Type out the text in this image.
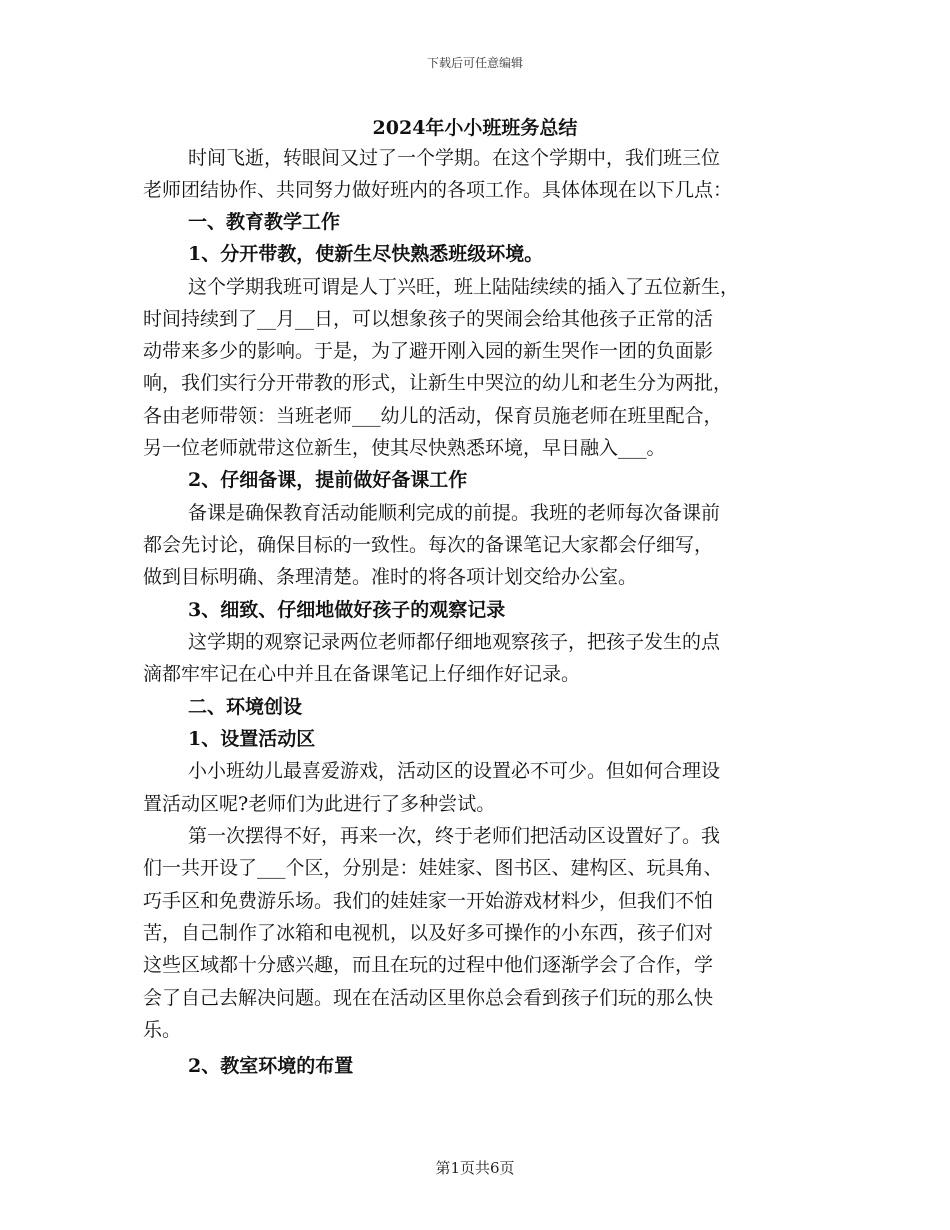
下载后可任意编辑
2024年小小班班务总结
时间飞逝，转眼间又过了一个学期。在这个学期中，我们班三位
老师团结协作、共同努力做好班内的各项工作。具体体现在以下几点：
一、教育教学工作
1、分开带教，使新生尽快熟悉班级环境。
这个学期我班可谓是人丁兴旺，班上陆陆续续的插入了五位新生，
时间持续到了__月__日，可以想象孩子的哭闹会给其他孩子正常的活
动带来多少的影响。于是，为了避开刚入园的新生哭作一团的负面影
响，我们实行分开带教的形式，让新生中哭泣的幼儿和老生分为两批，
各由老师带领：当班老师___幼儿的活动，保育员施老师在班里配合，
另一位老师就带这位新生，使其尽快熟悉环境，早日融入___。
2、仔细备课，提前做好备课工作
备课是确保教育活动能顺利完成的前提。我班的老师每次备课前
都会先讨论，确保目标的一致性。每次的备课笔记大家都会仔细写，
做到目标明确、条理清楚。准时的将各项计划交给办公室。
3、细致、仔细地做好孩子的观察记录
这学期的观察记录两位老师都仔细地观察孩子，把孩子发生的点
滴都牢牢记在心中并且在备课笔记上仔细作好记录。
二、环境创设
1、设置活动区
小小班幼儿最喜爱游戏，活动区的设置必不可少。但如何合理设
置活动区呢?老师们为此进行了多种尝试。
第一次摆得不好，再来一次，终于老师们把活动区设置好了。我
们一共开设了___个区，分别是：娃娃家、图书区、建构区、玩具角、
巧手区和免费游乐场。我们的娃娃家一开始游戏材料少，但我们不怕
苦，自己制作了冰箱和电视机，以及好多可操作的小东西，孩子们对
这些区域都十分感兴趣，而且在玩的过程中他们逐渐学会了合作，学
会了自己去解决问题。现在在活动区里你总会看到孩子们玩的那么快
乐。
2、教室环境的布置
第1页共6页
